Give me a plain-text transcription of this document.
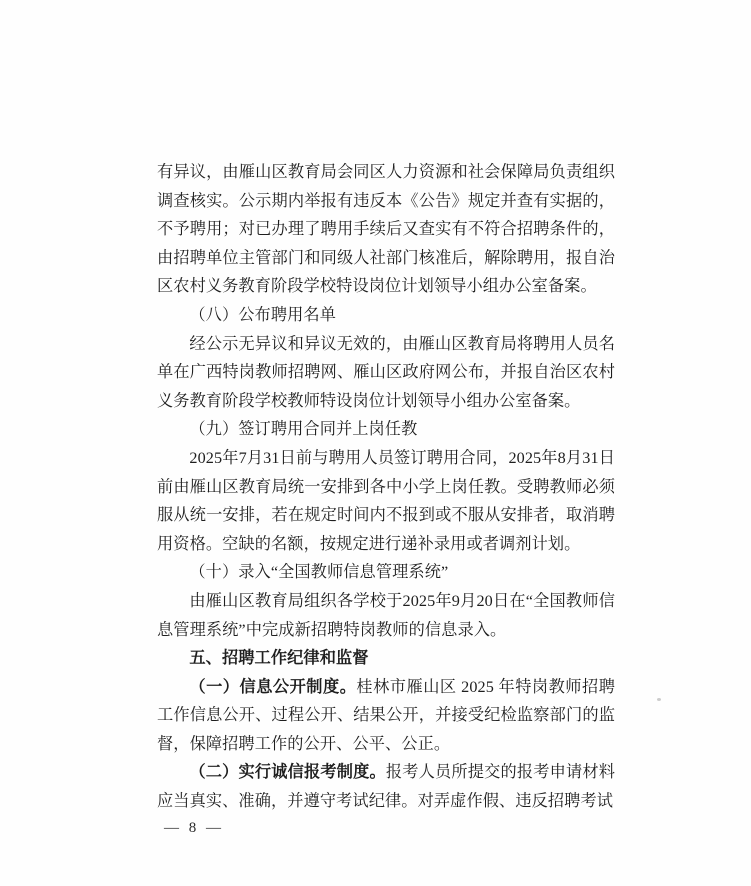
有异议，由雁山区教育局会同区人力资源和社会保障局负责组织调查核实。公示期内举报有违反本《公告》规定并查有实据的，不予聘用；对已办理了聘用手续后又查实有不符合招聘条件的，由招聘单位主管部门和同级人社部门核准后，解除聘用，报自治区农村义务教育阶段学校特设岗位计划领导小组办公室备案。

（八）公布聘用名单

经公示无异议和异议无效的，由雁山区教育局将聘用人员名单在广西特岗教师招聘网、雁山区政府网公布，并报自治区农村义务教育阶段学校教师特设岗位计划领导小组办公室备案。

（九）签订聘用合同并上岗任教

2025年7月31日前与聘用人员签订聘用合同，2025年8月31日前由雁山区教育局统一安排到各中小学上岗任教。受聘教师必须服从统一安排，若在规定时间内不报到或不服从安排者，取消聘用资格。空缺的名额，按规定进行递补录用或者调剂计划。

（十）录入“全国教师信息管理系统”

由雁山区教育局组织各学校于2025年9月20日在“全国教师信息管理系统”中完成新招聘特岗教师的信息录入。

五、招聘工作纪律和监督

（一）信息公开制度。桂林市雁山区 2025 年特岗教师招聘工作信息公开、过程公开、结果公开，并接受纪检监察部门的监督，保障招聘工作的公开、公平、公正。

（二）实行诚信报考制度。报考人员所提交的报考申请材料应当真实、准确，并遵守考试纪律。对弄虚作假、违反招聘考试

— 8 —
